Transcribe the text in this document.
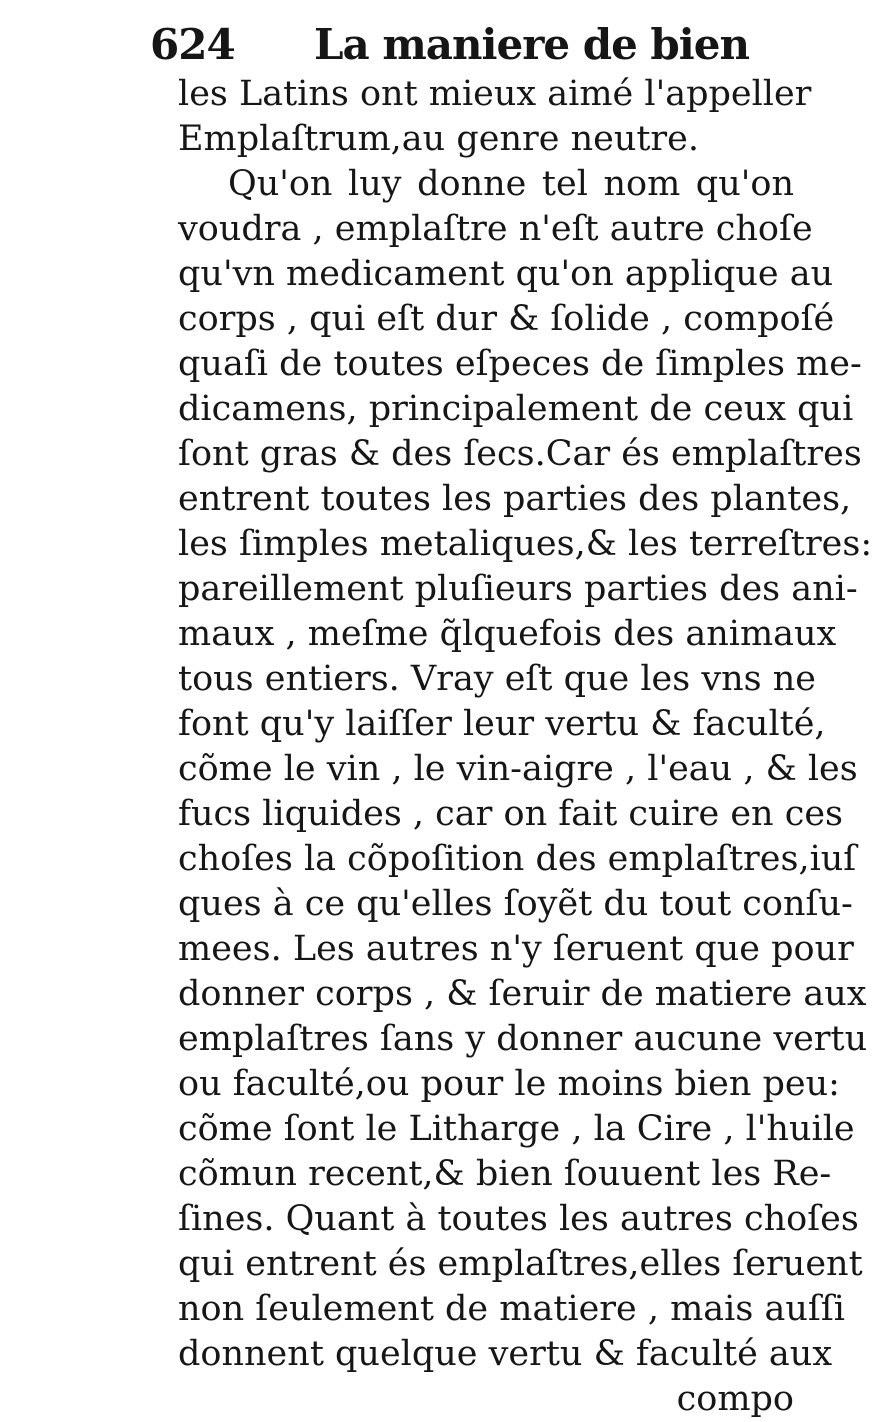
624 La maniere de bien
les Latins ont mieux aimé l'appeller
Emplaſtrum,au genre neutre.
Qu'on luy donne tel nom qu'on
voudra , emplaſtre n'eſt autre choſe
qu'vn medicament qu'on applique au
corps , qui eſt dur & ſolide , compoſé
quaſi de toutes eſpeces de ſimples me-
dicamens, principalement de ceux qui
ſont gras & des ſecs.Car és emplaſtres
entrent toutes les parties des plantes,
les ſimples metaliques,& les terreſtres:
pareillement pluſieurs parties des ani-
maux , meſme q̃lquefois des animaux
tous entiers. Vray eſt que les vns ne
font qu'y laiſſer leur vertu & faculté,
cõme le vin , le vin-aigre , l'eau , & les
fucs liquides , car on fait cuire en ces
choſes la cõpoſition des emplaſtres,iuſ
ques à ce qu'elles ſoyẽt du tout conſu-
mees. Les autres n'y ſeruent que pour
donner corps , & ſeruir de matiere aux
emplaſtres ſans y donner aucune vertu
ou faculté,ou pour le moins bien peu:
cõme ſont le Litharge , la Cire , l'huile
cõmun recent,& bien ſouuent les Re-
ſines. Quant à toutes les autres choſes
qui entrent és emplaſtres,elles ſeruent
non ſeulement de matiere , mais auſſi
donnent quelque vertu & faculté aux
compo
